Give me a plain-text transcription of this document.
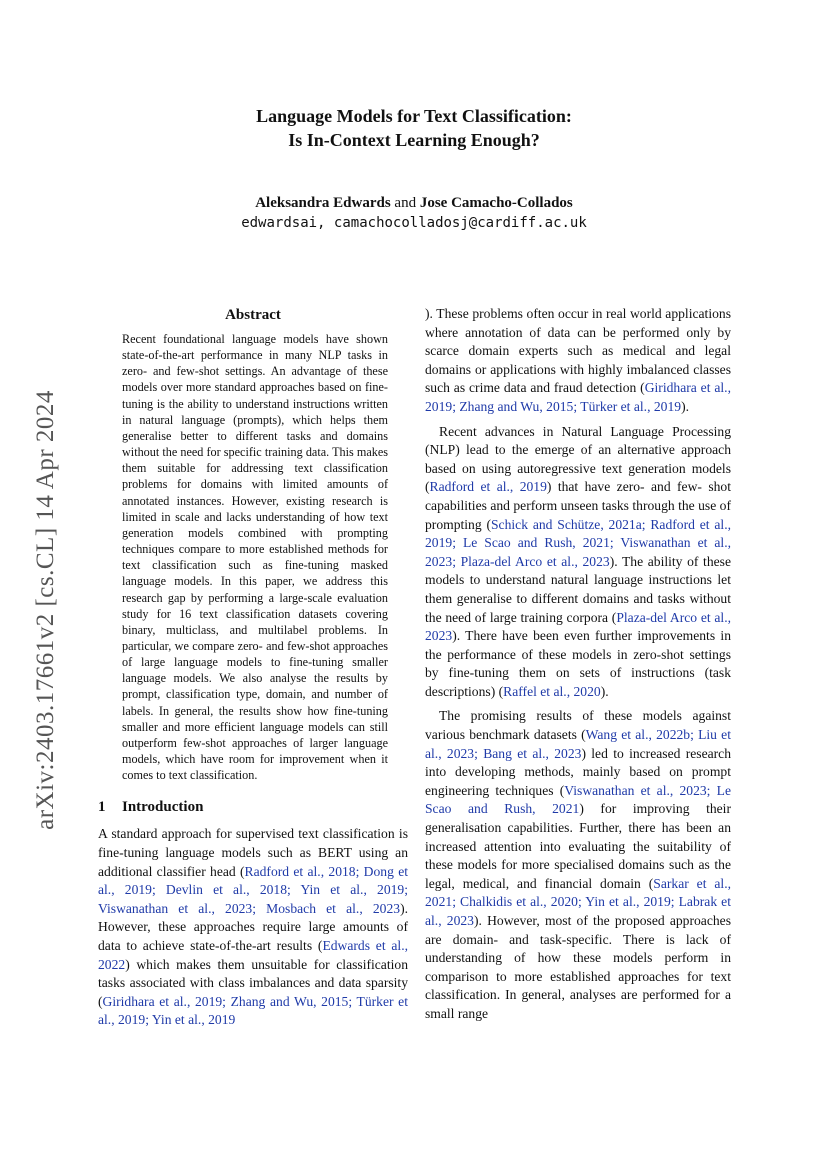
arXiv:2403.17661v2 [cs.CL] 14 Apr 2024
Language Models for Text Classification:
Is In-Context Learning Enough?
Aleksandra Edwards and Jose Camacho-Collados
edwardsai, camachocolladosj@cardiff.ac.uk
Abstract

Recent foundational language models have shown state-of-the-art performance in many NLP tasks in zero- and few-shot settings. An advantage of these models over more standard approaches based on fine-tuning is the ability to understand instructions written in natural language (prompts), which helps them generalise better to different tasks and domains without the need for specific training data. This makes them suitable for addressing text classification problems for domains with limited amounts of annotated instances. However, existing research is limited in scale and lacks understanding of how text generation models combined with prompting techniques compare to more established methods for text classification such as fine-tuning masked language models. In this paper, we address this research gap by performing a large-scale evaluation study for 16 text classification datasets covering binary, multiclass, and multilabel problems. In particular, we compare zero- and few-shot approaches of large language models to fine-tuning smaller language models. We also analyse the results by prompt, classification type, domain, and number of labels. In general, the results show how fine-tuning smaller and more efficient language models can still outperform few-shot approaches of larger language models, which have room for improvement when it comes to text classification.

1 Introduction

A standard approach for supervised text classification is fine-tuning language models such as BERT using an additional classifier head (Radford et al., 2018; Dong et al., 2019; Devlin et al., 2018; Yin et al., 2019; Viswanathan et al., 2023; Mosbach et al., 2023). However, these approaches require large amounts of data to achieve state-of-the-art results (Edwards et al., 2022) which makes them unsuitable for classification tasks associated with class imbalances and data sparsity (Giridhara et al., 2019; Zhang and Wu, 2015; Türker et al., 2019; Yin et al., 2019

). These problems often occur in real world applications where annotation of data can be performed only by scarce domain experts such as medical and legal domains or applications with highly imbalanced classes such as crime data and fraud detection (Giridhara et al., 2019; Zhang and Wu, 2015; Türker et al., 2019).

Recent advances in Natural Language Processing (NLP) lead to the emerge of an alternative approach based on using autoregressive text generation models (Radford et al., 2019) that have zero- and few- shot capabilities and perform unseen tasks through the use of prompting (Schick and Schütze, 2021a; Radford et al., 2019; Le Scao and Rush, 2021; Viswanathan et al., 2023; Plaza-del Arco et al., 2023). The ability of these models to understand natural language instructions let them generalise to different domains and tasks without the need of large training corpora (Plaza-del Arco et al., 2023). There have been even further improvements in the performance of these models in zero-shot settings by fine-tuning them on sets of instructions (task descriptions) (Raffel et al., 2020).

The promising results of these models against various benchmark datasets (Wang et al., 2022b; Liu et al., 2023; Bang et al., 2023) led to increased research into developing methods, mainly based on prompt engineering techniques (Viswanathan et al., 2023; Le Scao and Rush, 2021) for improving their generalisation capabilities. Further, there has been an increased attention into evaluating the suitability of these models for more specialised domains such as the legal, medical, and financial domain (Sarkar et al., 2021; Chalkidis et al., 2020; Yin et al., 2019; Labrak et al., 2023). However, most of the proposed approaches are domain- and task-specific. There is lack of understanding of how these models perform in comparison to more established approaches for text classification. In general, analyses are performed for a small range
